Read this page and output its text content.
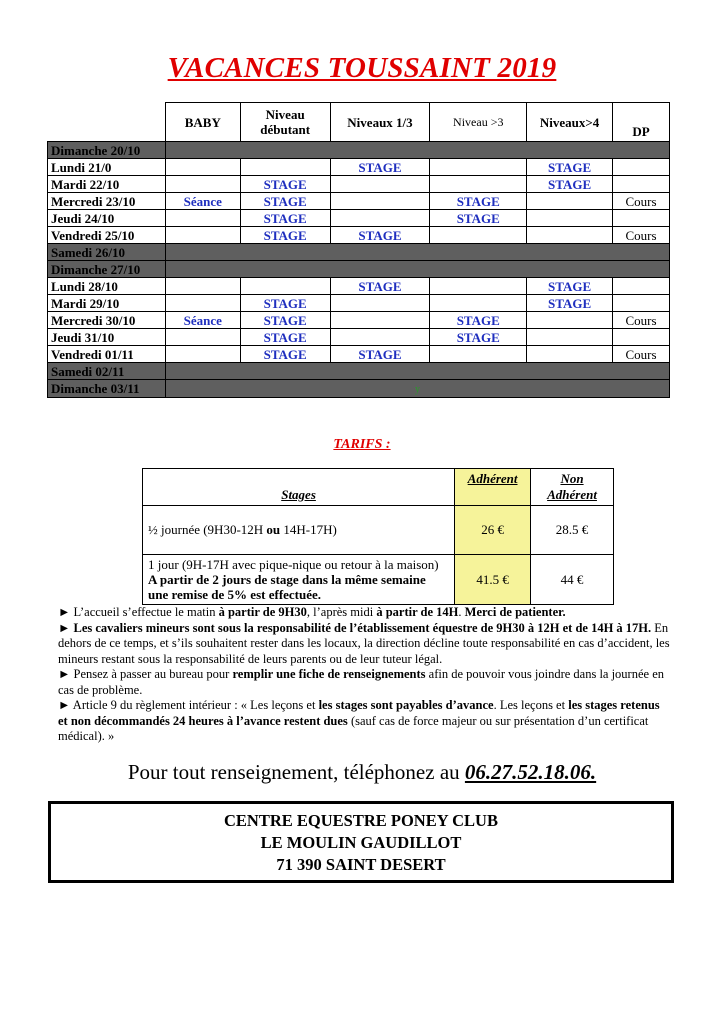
VACANCES TOUSSAINT 2019
	BABY	Niveau débutant	Niveaux 1/3	Niveau >3	Niveaux>4	DP
Dimanche 20/10						
Lundi 21/0			STAGE		STAGE	
Mardi 22/10		STAGE			STAGE	
Mercredi 23/10	Séance	STAGE		STAGE		Cours
Jeudi 24/10		STAGE		STAGE		
Vendredi 25/10		STAGE	STAGE			Cours
Samedi 26/10						
Dimanche 27/10						
Lundi 28/10			STAGE		STAGE	
Mardi 29/10		STAGE			STAGE	
Mercredi 30/10	Séance	STAGE		STAGE		Cours
Jeudi 31/10		STAGE		STAGE		
Vendredi 01/11		STAGE	STAGE			Cours
Samedi 02/11						
Dimanche 03/11	y					
TARIFS :
Stages	Adhérent	Non Adhérent
½ journée (9H30-12H ou 14H-17H)	26 €	28.5 €
1 jour (9H-17H avec pique-nique ou retour à la maison)
A partir de 2 jours de stage dans la même semaine une remise de 5% est effectuée.	41.5 €	44 €

► L’accueil s’effectue le matin à partir de 9H30, l’après midi à partir de 14H. Merci de patienter.

► Les cavaliers mineurs sont sous la responsabilité de l’établissement équestre de 9H30 à 12H et de 14H à 17H. En dehors de ce temps, et s’ils souhaitent rester dans les locaux, la direction décline toute responsabilité en cas d’accident, les mineurs restant sous la responsabilité de leurs parents ou de leur tuteur légal.

► Pensez à passer au bureau pour remplir une fiche de renseignements afin de pouvoir vous joindre dans la journée en cas de problème.

► Article 9 du règlement intérieur : « Les leçons et les stages sont payables d’avance. Les leçons et les stages retenus et non décommandés 24 heures à l’avance restent dues (sauf cas de force majeur ou sur présentation d’un certificat médical). »

Pour tout renseignement, téléphonez au 06.27.52.18.06.
CENTRE EQUESTRE PONEY CLUB
LE MOULIN GAUDILLOT
71 390 SAINT DESERT
